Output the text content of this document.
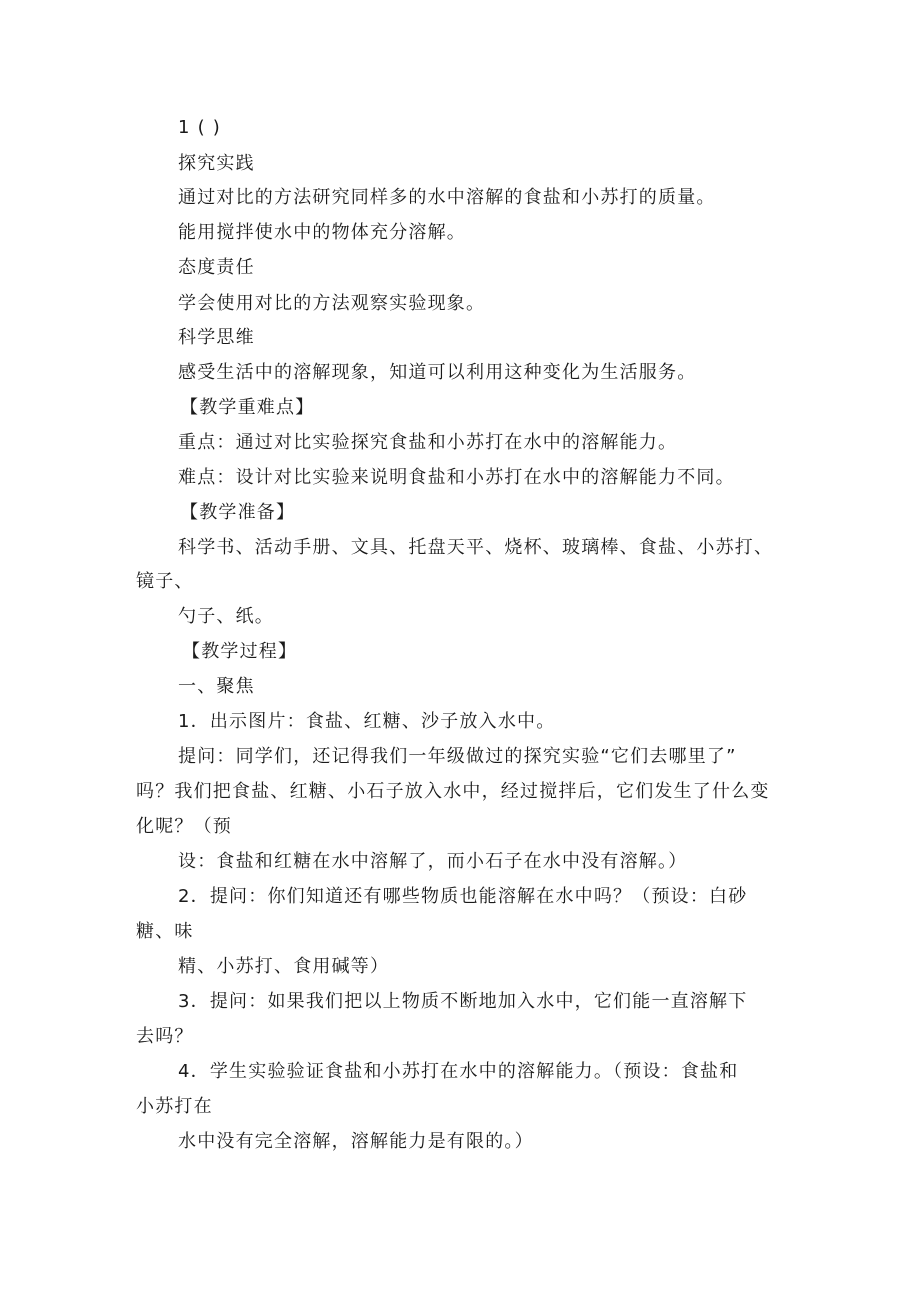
1 ( )
探究实践
通过对比的方法研究同样多的水中溶解的食盐和小苏打的质量。
能用搅拌使水中的物体充分溶解。
态度责任
学会使用对比的方法观察实验现象。
科学思维
感受生活中的溶解现象，知道可以利用这种变化为生活服务。
【教学重难点】
重点：通过对比实验探究食盐和小苏打在水中的溶解能力。
难点：设计对比实验来说明食盐和小苏打在水中的溶解能力不同。
【教学准备】
科学书、活动手册、文具、托盘天平、烧杯、玻璃棒、食盐、小苏打、
镜子、
勺子、纸。
【教学过程】
一、聚焦
1．出示图片：食盐、红糖、沙子放入水中。
提问：同学们，还记得我们一年级做过的探究实验“它们去哪里了”
吗？我们把食盐、红糖、小石子放入水中，经过搅拌后，它们发生了什么变
化呢？（预
设：食盐和红糖在水中溶解了，而小石子在水中没有溶解。）
2．提问：你们知道还有哪些物质也能溶解在水中吗？（预设：白砂
糖、味
精、小苏打、食用碱等）
3．提问：如果我们把以上物质不断地加入水中，它们能一直溶解下
去吗？
4．学生实验验证食盐和小苏打在水中的溶解能力。（预设：食盐和
小苏打在
水中没有完全溶解，溶解能力是有限的。）
